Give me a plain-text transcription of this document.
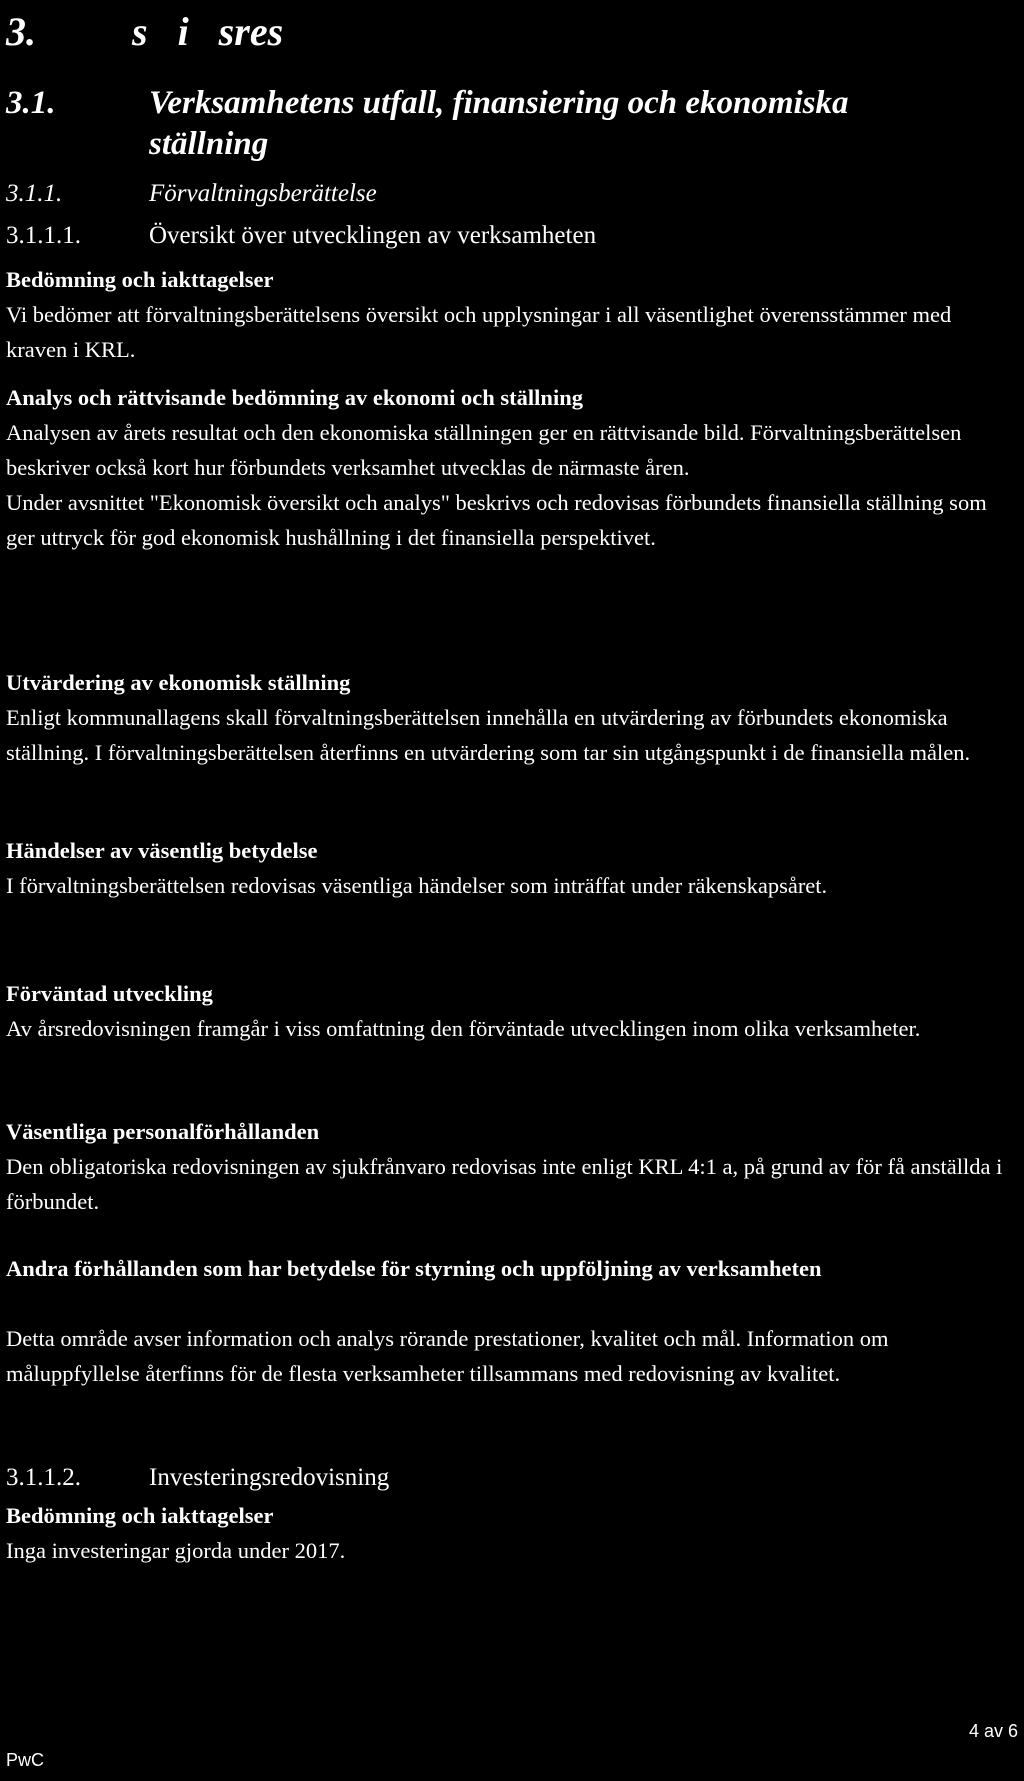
3. s   i   sres
3.1.	Verksamhetens utfall, finansiering och ekonomiska ställning
3.1.1.	Förvaltningsberättelse
3.1.1.1.	Översikt över utvecklingen av verksamheten

Bedömning och iakttagelser

Vi bedömer att förvaltningsberättelsens översikt och upplysningar i all väsentlighet överensstämmer med kraven i KRL.

Analys och rättvisande bedömning av ekonomi och ställning

Analysen av årets resultat och den ekonomiska ställningen ger en rättvisande bild. Förvaltningsberättelsen beskriver också kort hur förbundets verksamhet utvecklas de närmaste åren.

Under avsnittet "Ekonomisk översikt och analys" beskrivs och redovisas förbundets finansiella ställning som ger uttryck för god ekonomisk hushållning i det finansiella perspektivet.

Utvärdering av ekonomisk ställning

Enligt kommunallagens skall förvaltningsberättelsen innehålla en utvärdering av förbundets ekonomiska ställning. I förvaltningsberättelsen återfinns en utvärdering som tar sin utgångspunkt i de finansiella målen.

Händelser av väsentlig betydelse

I förvaltningsberättelsen redovisas väsentliga händelser som inträffat under räkenskapsåret.

Förväntad utveckling

Av årsredovisningen framgår i viss omfattning den förväntade utvecklingen inom olika verksamheter.

Väsentliga personalförhållanden

Den obligatoriska redovisningen av sjukfrånvaro redovisas inte enligt KRL 4:1 a, på grund av för få anställda i förbundet.

Andra förhållanden som har betydelse för styrning och uppföljning av verksamheten

Detta område avser information och analys rörande prestationer, kvalitet och mål. Information om måluppfyllelse återfinns för de flesta verksamheter tillsammans med redovisning av kvalitet.

3.1.1.2.	Investeringsredovisning

Bedömning och iakttagelser

Inga investeringar gjorda under 2017.

PwC
4 av 6
